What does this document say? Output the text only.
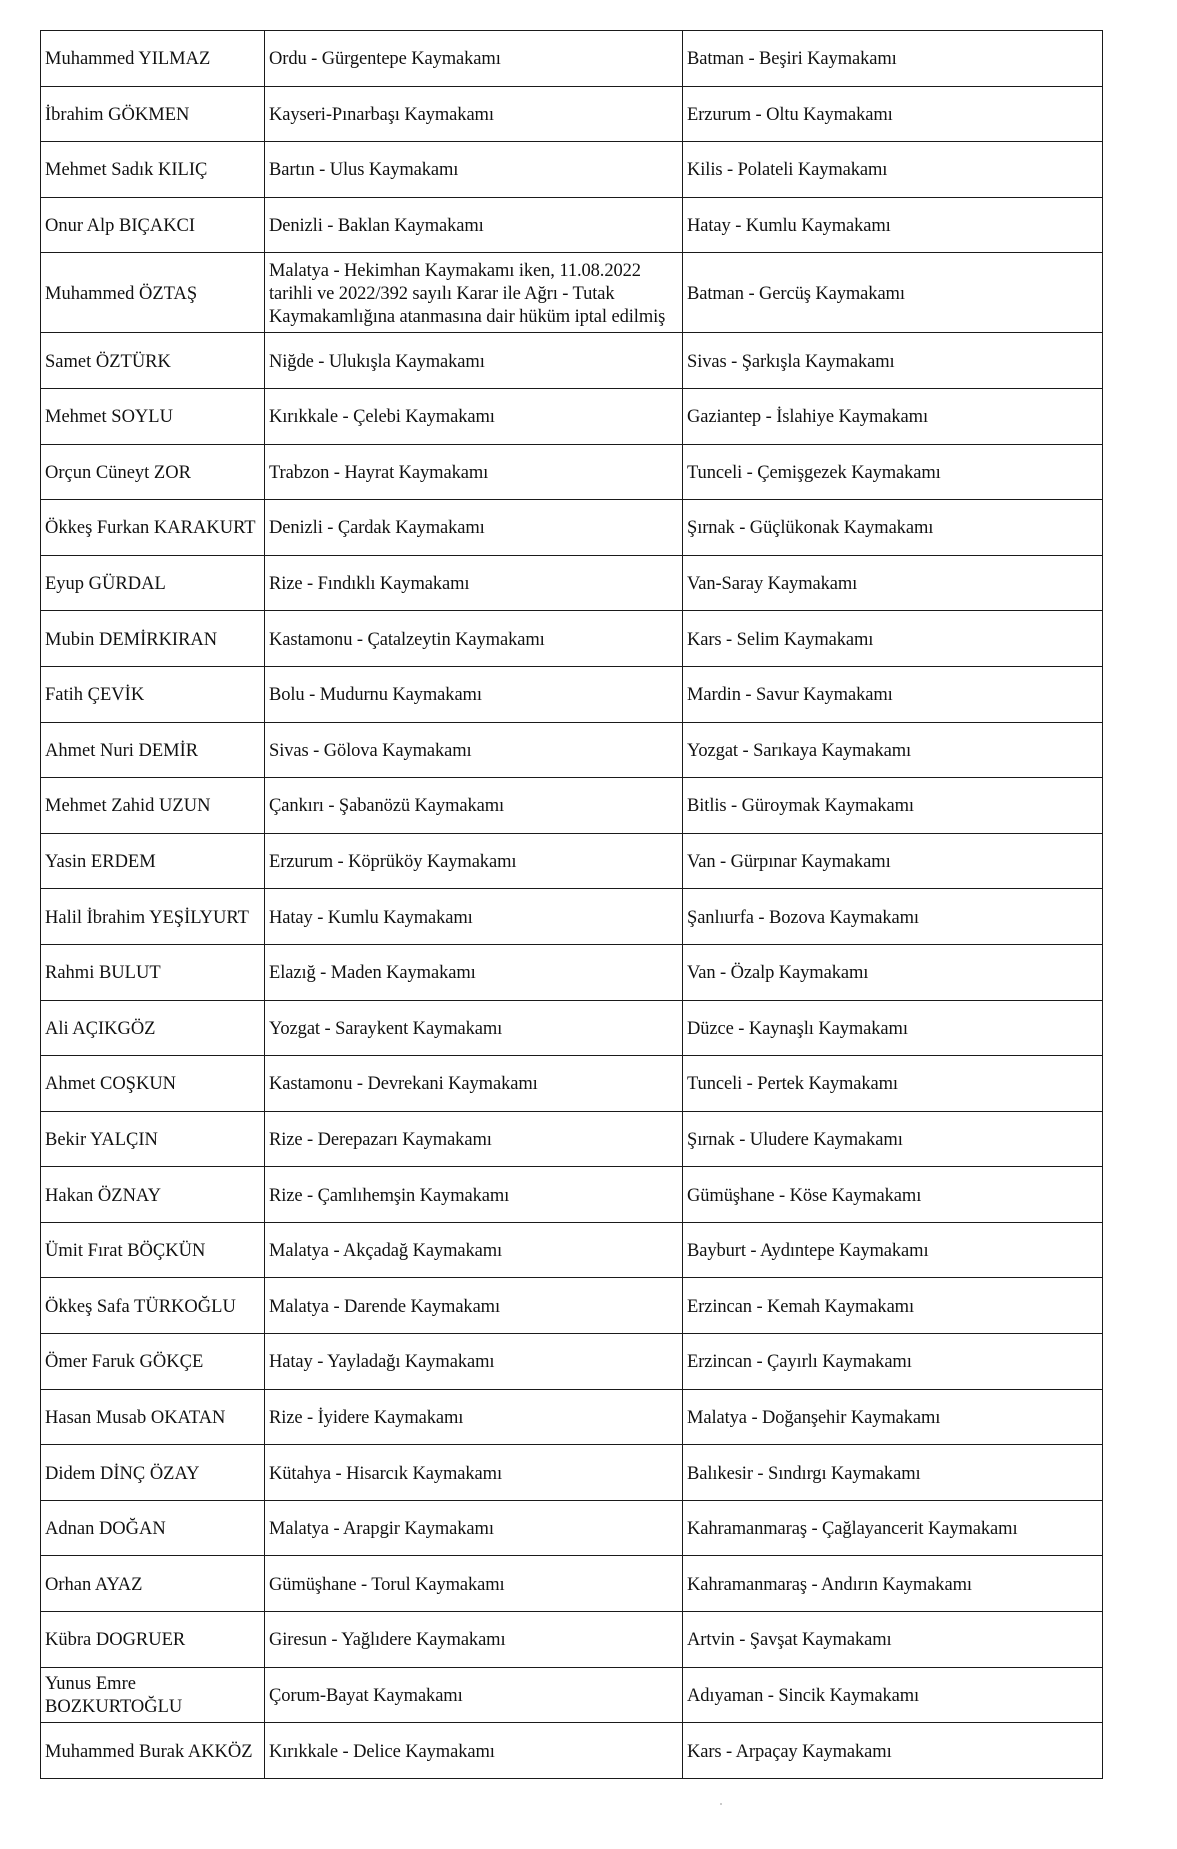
Muhammed YILMAZ	Ordu - Gürgentepe Kaymakamı	Batman - Beşiri Kaymakamı
İbrahim GÖKMEN	Kayseri-Pınarbaşı Kaymakamı	Erzurum - Oltu Kaymakamı
Mehmet Sadık KILIÇ	Bartın - Ulus Kaymakamı	Kilis - Polateli Kaymakamı
Onur Alp BIÇAKCI	Denizli - Baklan Kaymakamı	Hatay - Kumlu Kaymakamı
Muhammed ÖZTAŞ	Malatya - Hekimhan Kaymakamı iken, 11.08.2022 tarihli ve 2022/392 sayılı Karar ile Ağrı - Tutak Kaymakamlığına atanmasına dair hüküm iptal edilmiş	Batman - Gercüş Kaymakamı
Samet ÖZTÜRK	Niğde - Ulukışla Kaymakamı	Sivas - Şarkışla Kaymakamı
Mehmet SOYLU	Kırıkkale - Çelebi Kaymakamı	Gaziantep - İslahiye Kaymakamı
Orçun Cüneyt ZOR	Trabzon - Hayrat Kaymakamı	Tunceli - Çemişgezek Kaymakamı
Ökkeş Furkan KARAKURT	Denizli - Çardak Kaymakamı	Şırnak - Güçlükonak Kaymakamı
Eyup GÜRDAL	Rize - Fındıklı Kaymakamı	Van-Saray Kaymakamı
Mubin DEMİRKIRAN	Kastamonu - Çatalzeytin Kaymakamı	Kars - Selim Kaymakamı
Fatih ÇEVİK	Bolu - Mudurnu Kaymakamı	Mardin - Savur Kaymakamı
Ahmet Nuri DEMİR	Sivas - Gölova Kaymakamı	Yozgat - Sarıkaya Kaymakamı
Mehmet Zahid UZUN	Çankırı - Şabanözü Kaymakamı	Bitlis - Güroymak Kaymakamı
Yasin ERDEM	Erzurum - Köprüköy Kaymakamı	Van - Gürpınar Kaymakamı
Halil İbrahim YEŞİLYURT	Hatay - Kumlu Kaymakamı	Şanlıurfa - Bozova Kaymakamı
Rahmi BULUT	Elazığ - Maden Kaymakamı	Van - Özalp Kaymakamı
Ali AÇIKGÖZ	Yozgat - Saraykent Kaymakamı	Düzce - Kaynaşlı Kaymakamı
Ahmet COŞKUN	Kastamonu - Devrekani Kaymakamı	Tunceli - Pertek Kaymakamı
Bekir YALÇIN	Rize - Derepazarı Kaymakamı	Şırnak - Uludere Kaymakamı
Hakan ÖZNAY	Rize - Çamlıhemşin Kaymakamı	Gümüşhane - Köse Kaymakamı
Ümit Fırat BÖÇKÜN	Malatya - Akçadağ Kaymakamı	Bayburt - Aydıntepe Kaymakamı
Ökkeş Safa TÜRKOĞLU	Malatya - Darende Kaymakamı	Erzincan - Kemah Kaymakamı
Ömer Faruk GÖKÇE	Hatay - Yayladağı Kaymakamı	Erzincan - Çayırlı Kaymakamı
Hasan Musab OKATAN	Rize - İyidere Kaymakamı	Malatya - Doğanşehir Kaymakamı
Didem DİNÇ ÖZAY	Kütahya - Hisarcık Kaymakamı	Balıkesir - Sındırgı Kaymakamı
Adnan DOĞAN	Malatya - Arapgir Kaymakamı	Kahramanmaraş - Çağlayancerit Kaymakamı
Orhan AYAZ	Gümüşhane - Torul Kaymakamı	Kahramanmaraş - Andırın Kaymakamı
Kübra DOGRUER	Giresun - Yağlıdere Kaymakamı	Artvin - Şavşat Kaymakamı
Yunus Emre BOZKURTOĞLU	Çorum-Bayat Kaymakamı	Adıyaman - Sincik Kaymakamı
Muhammed Burak AKKÖZ	Kırıkkale - Delice Kaymakamı	Kars - Arpaçay Kaymakamı
